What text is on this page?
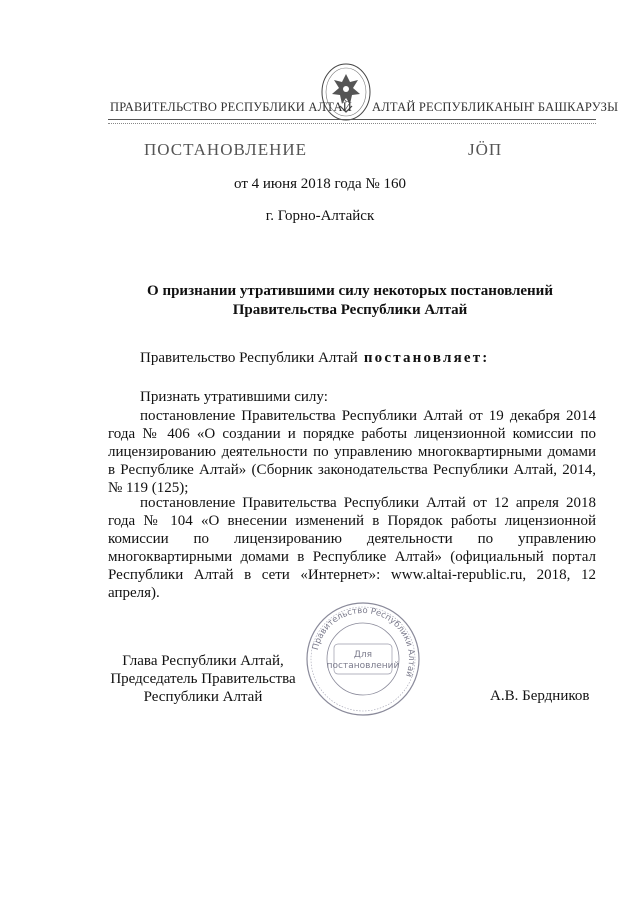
ПРАВИТЕЛЬСТВО РЕСПУБЛИКИ АЛТАЙ АЛТАЙ РЕСПУБЛИКАНЫҤ БАШКАРУЗЫ
ПОСТАНОВЛЕНИЕ	ЈӦП
от 4 июня 2018 года № 160
г. Горно-Алтайск
О признании утратившими силу некоторых постановлений
Правительства Республики Алтай
Правительство Республики Алтай постановляет:
Признать утратившими силу:
постановление Правительства Республики Алтай от 19 декабря 2014 года № 406 «О создании и порядке работы лицензионной комиссии по лицензированию деятельности по управлению многоквартирными домами в Республике Алтай» (Сборник законодательства Республики Алтай, 2014, № 119 (125);
постановление Правительства Республики Алтай от 12 апреля 2018 года № 104 «О внесении изменений в Порядок работы лицензионной комиссии по лицензированию деятельности по управлению многоквартирными домами в Республике Алтай» (официальный портал Республики Алтай в сети «Интернет»: www.altai-republic.ru, 2018, 12 апреля).
Глава Республики Алтай,
Председатель Правительства
Республики Алтай
Правительство Республики Алтай
Для
постановлений
А.В. Бердников
